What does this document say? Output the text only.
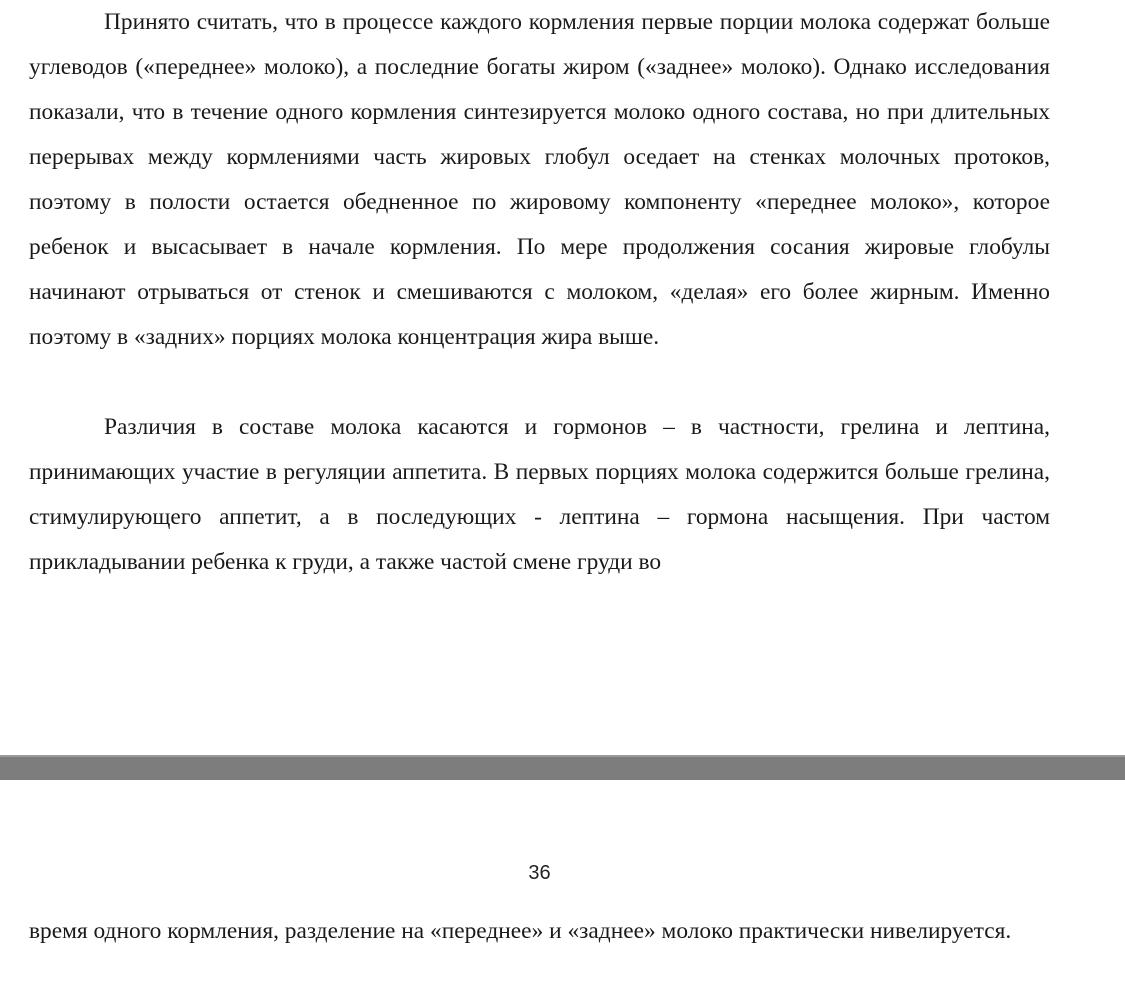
Принято считать, что в процессе каждого кормления первые порции молока содержат больше углеводов («переднее» молоко), а последние богаты жиром («заднее» молоко). Однако исследования показали, что в течение одного кормления синтезируется молоко одного состава, но при длительных перерывах между кормлениями часть жировых глобул оседает на стенках молочных протоков, поэтому в полости остается обедненное по жировому компоненту «переднее молоко», которое ребенок и высасывает в начале кормления. По мере продолжения сосания жировые глобулы начинают отрываться от стенок и смешиваются с молоком, «делая» его более жирным. Именно поэтому в «задних» порциях молока концентрация жира выше.

Различия в составе молока касаются и гормонов – в частности, грелина и лептина, принимающих участие в регуляции аппетита. В первых порциях молока содержится больше грелина, стимулирующего аппетит, а в последующих - лептина – гормона насыщения. При частом прикладывании ребенка к груди, а также частой смене груди во

36

время одного кормления, разделение на «переднее» и «заднее» молоко практически нивелируется.
